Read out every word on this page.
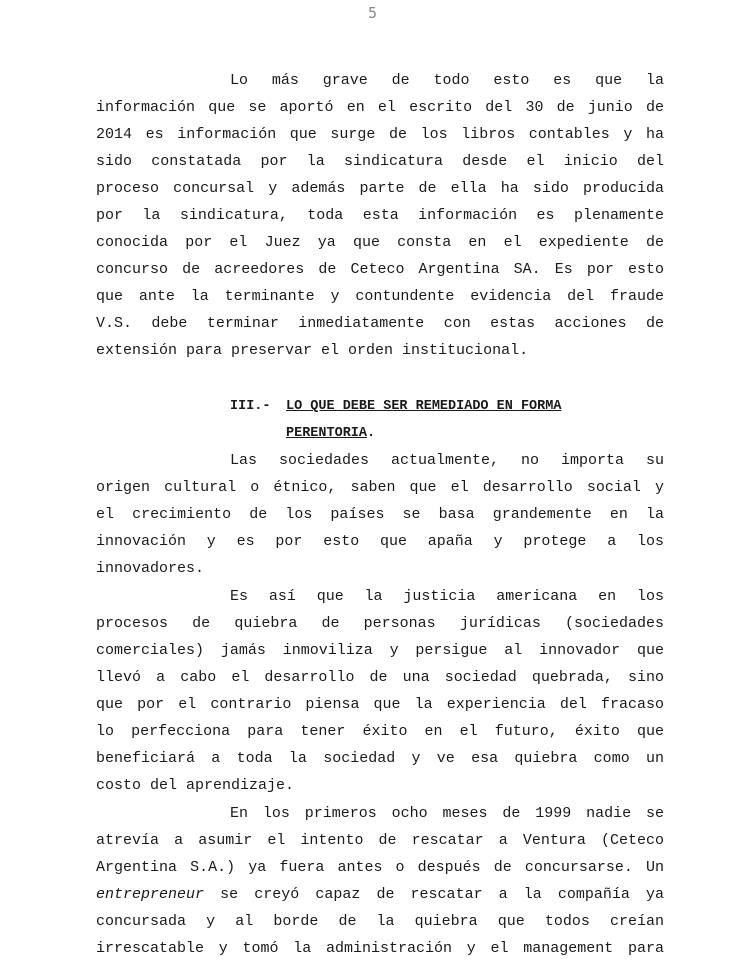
5
Lo más grave de todo esto es que la
información que se aportó en el escrito del 30 de junio de
2014 es información que surge de los libros contables y ha
sido constatada por la sindicatura desde el inicio del
proceso concursal y además parte de ella ha sido producida
por la sindicatura, toda esta información es plenamente
conocida por el Juez ya que consta en el expediente de
concurso de acreedores de Ceteco Argentina SA. Es por esto
que ante la terminante y contundente evidencia del fraude
V.S. debe terminar inmediatamente con estas acciones de
extensión para preservar el orden institucional.
III.- LO QUE DEBE SER REMEDIADO EN FORMA
PERENTORIA.
Las sociedades actualmente, no importa su
origen cultural o étnico, saben que el desarrollo social y
el crecimiento de los países se basa grandemente en la
innovación y es por esto que apaña y protege a los
innovadores.
Es así que la justicia americana en los
procesos de quiebra de personas jurídicas (sociedades
comerciales) jamás inmoviliza y persigue al innovador que
llevó a cabo el desarrollo de una sociedad quebrada, sino
que por el contrario piensa que la experiencia del fracaso
lo perfecciona para tener éxito en el futuro, éxito que
beneficiará a toda la sociedad y ve esa quiebra como un
costo del aprendizaje.
En los primeros ocho meses de 1999 nadie se
atrevía a asumir el intento de rescatar a Ventura (Ceteco
Argentina S.A.) ya fuera antes o después de concursarse. Un
entrepreneur se creyó capaz de rescatar a la compañía ya
concursada y al borde de la quiebra que todos creían
irrescatable y tomó la administración y el management para
